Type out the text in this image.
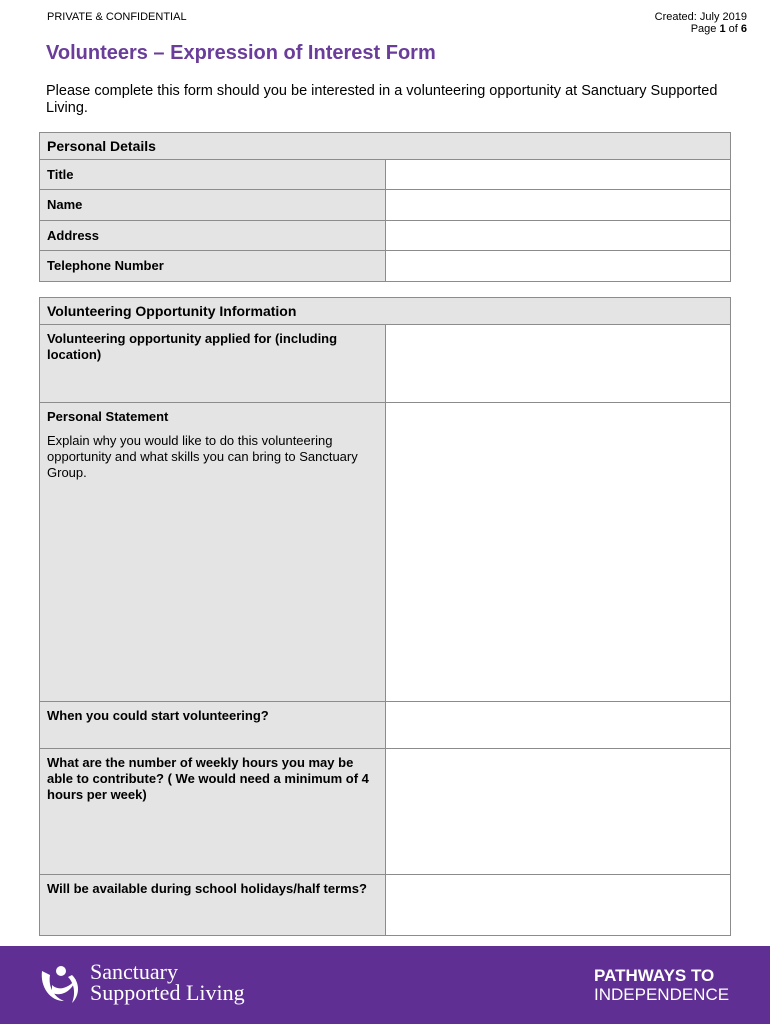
PRIVATE & CONFIDENTIAL	Created: July 2019
Page 1 of 6
Volunteers – Expression of Interest Form

Please complete this form should you be interested in a volunteering opportunity at Sanctuary Supported Living.

Personal Details	
Title	
Name	
Address	
Telephone Number	
Volunteering Opportunity Information	
Volunteering opportunity applied for (including location)	
Personal Statement
Explain why you would like to do this volunteering opportunity and what skills you can bring to Sanctuary Group.	

When you could start volunteering?	
What are the number of weekly hours you may be able to contribute? ( We would need a minimum of 4 hours per week)	
Will be available during school holidays/half terms?	
Sanctuary
Supported Living
PATHWAYS TO
INDEPENDENCE
